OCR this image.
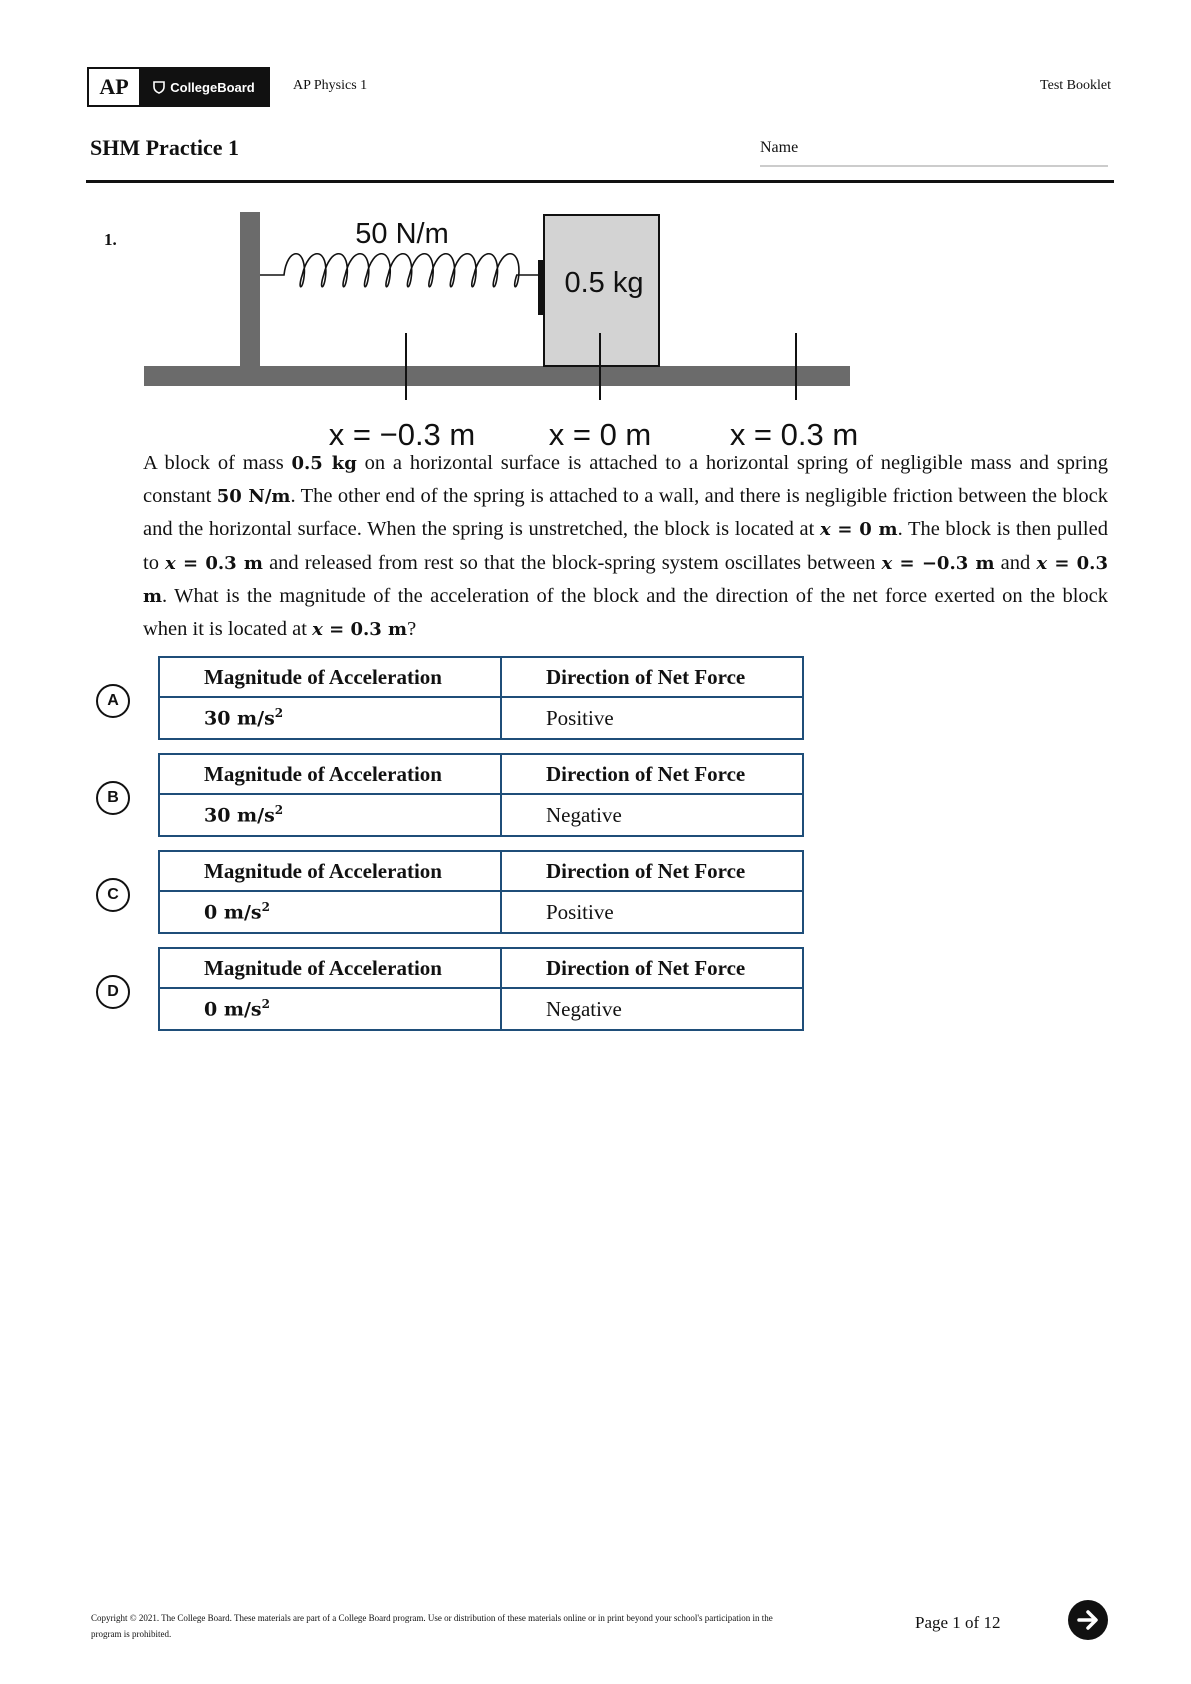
AP	CollegeBoard	AP Physics 1	Test Booklet
SHM Practice 1	Name
1.	50 N/m
0.5 kg
x = −0.3 m x = 0 m	x = 0.3 m
A block of mass 0.5 kg on a horizontal surface is attached to a horizontal spring of negligible mass and spring constant 50 N/m. The other end of the spring is attached to a wall, and there is negligible friction between the block and the horizontal surface. When the spring is unstretched, the block is located at x = 0 m. The block is then pulled to x = 0.3 m and released from rest so that the block-spring system oscillates between x = −0.3 m and x = 0.3 m. What is the magnitude of the acceleration of the block and the direction of the net force exerted on the block when it is located at x = 0.3 m?
A
Magnitude of Acceleration	Direction of Net Force
30 $m/s^2$	Positive
B
Magnitude of Acceleration	Direction of Net Force
30 $m/s^2$	Negative
C
Magnitude of Acceleration	Direction of Net Force
0 $m/s^2$	Positive
D
Magnitude of Acceleration	Direction of Net Force
0 $m/s^2$	Negative
Copyright © 2021. The College Board. These materials are part of a College Board program. Use or distribution of these materials online or in print beyond your school's participation in the program is prohibited.
Page 1 of 12
